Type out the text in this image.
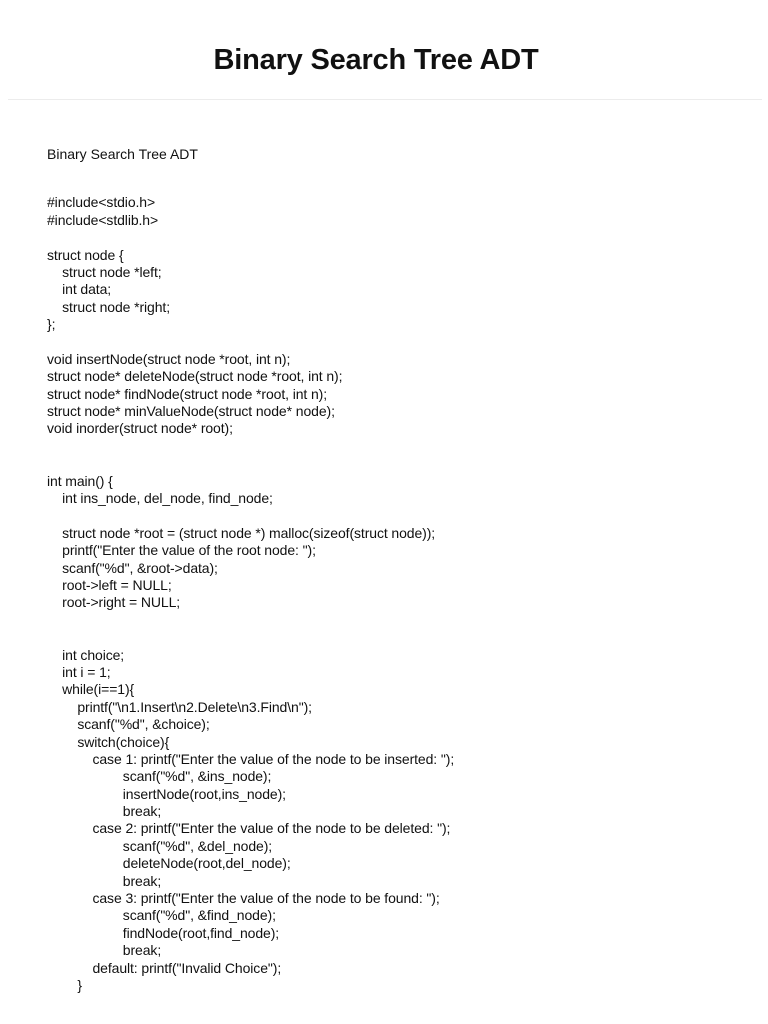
Binary Search Tree ADT

Binary Search Tree ADT

#include<stdio.h>
#include<stdlib.h>
struct node {
struct node *left;
int data;
struct node *right;
};
void insertNode(struct node *root, int n);
struct node* deleteNode(struct node *root, int n);
struct node* findNode(struct node *root, int n);
struct node* minValueNode(struct node* node);
void inorder(struct node* root);
int main() {
int ins_node, del_node, find_node;
struct node *root = (struct node *) malloc(sizeof(struct node));
printf("Enter the value of the root node: ");
scanf("%d", &root->data);
root->left = NULL;
root->right = NULL;
int choice;
int i = 1;
while(i==1){
printf("\n1.Insert\n2.Delete\n3.Find\n");
scanf("%d", &choice);
switch(choice){
case 1: printf("Enter the value of the node to be inserted: ");
scanf("%d", &ins_node);
insertNode(root,ins_node);
break;
case 2: printf("Enter the value of the node to be deleted: ");
scanf("%d", &del_node);
deleteNode(root,del_node);
break;
case 3: printf("Enter the value of the node to be found: ");
scanf("%d", &find_node);
findNode(root,find_node);
break;
default: printf("Invalid Choice");
}
